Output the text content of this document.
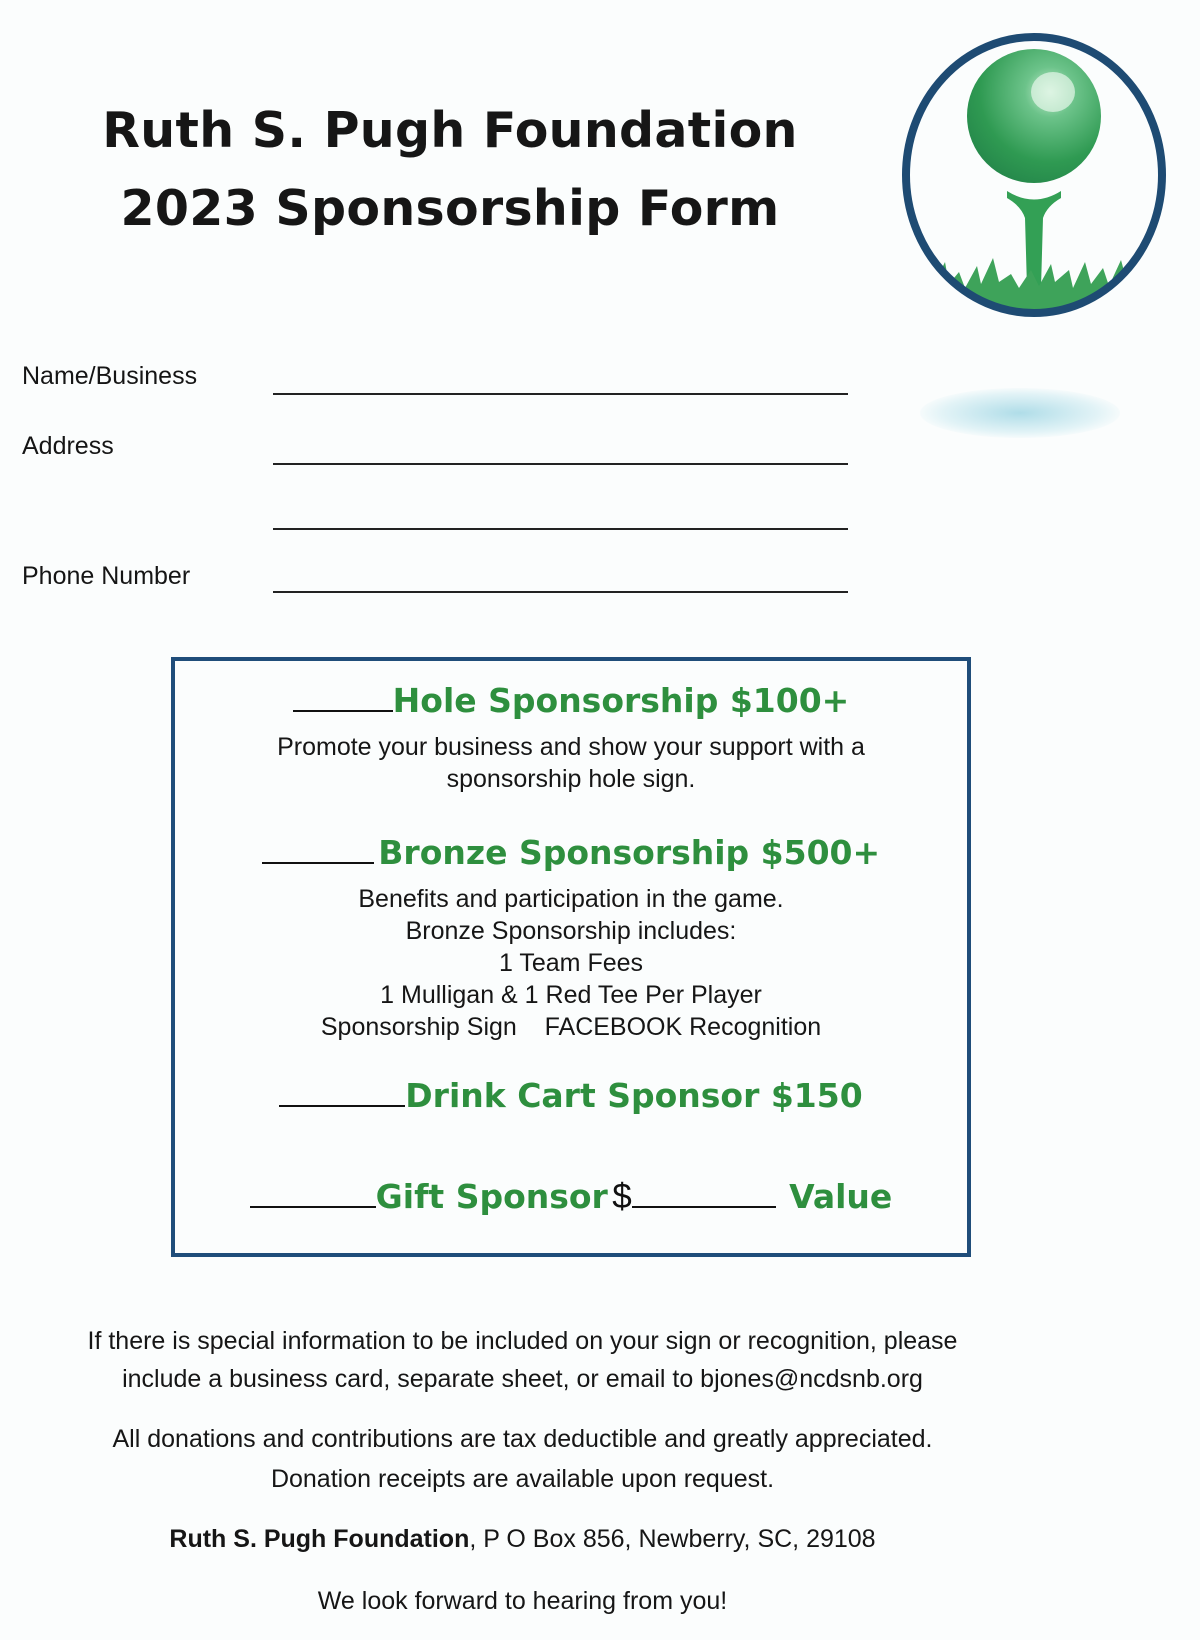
Ruth S. Pugh Foundation
2023 Sponsorship Form
Name/Business
Address
Phone Number
Hole Sponsorship $100+
Promote your business and show your support with a
sponsorship hole sign.
Bronze Sponsorship $500+
Benefits and participation in the game.
Bronze Sponsorship includes:
1 Team Fees
1 Mulligan & 1 Red Tee Per Player
Sponsorship Sign FACEBOOK Recognition
Drink Cart Sponsor $150
Gift Sponsor $	Value
If there is special information to be included on your sign or recognition, please
include a business card, separate sheet, or email to bjones@ncdsnb.org
All donations and contributions are tax deductible and greatly appreciated.
Donation receipts are available upon request.
Ruth S. Pugh Foundation, P O Box 856, Newberry, SC, 29108
We look forward to hearing from you!
